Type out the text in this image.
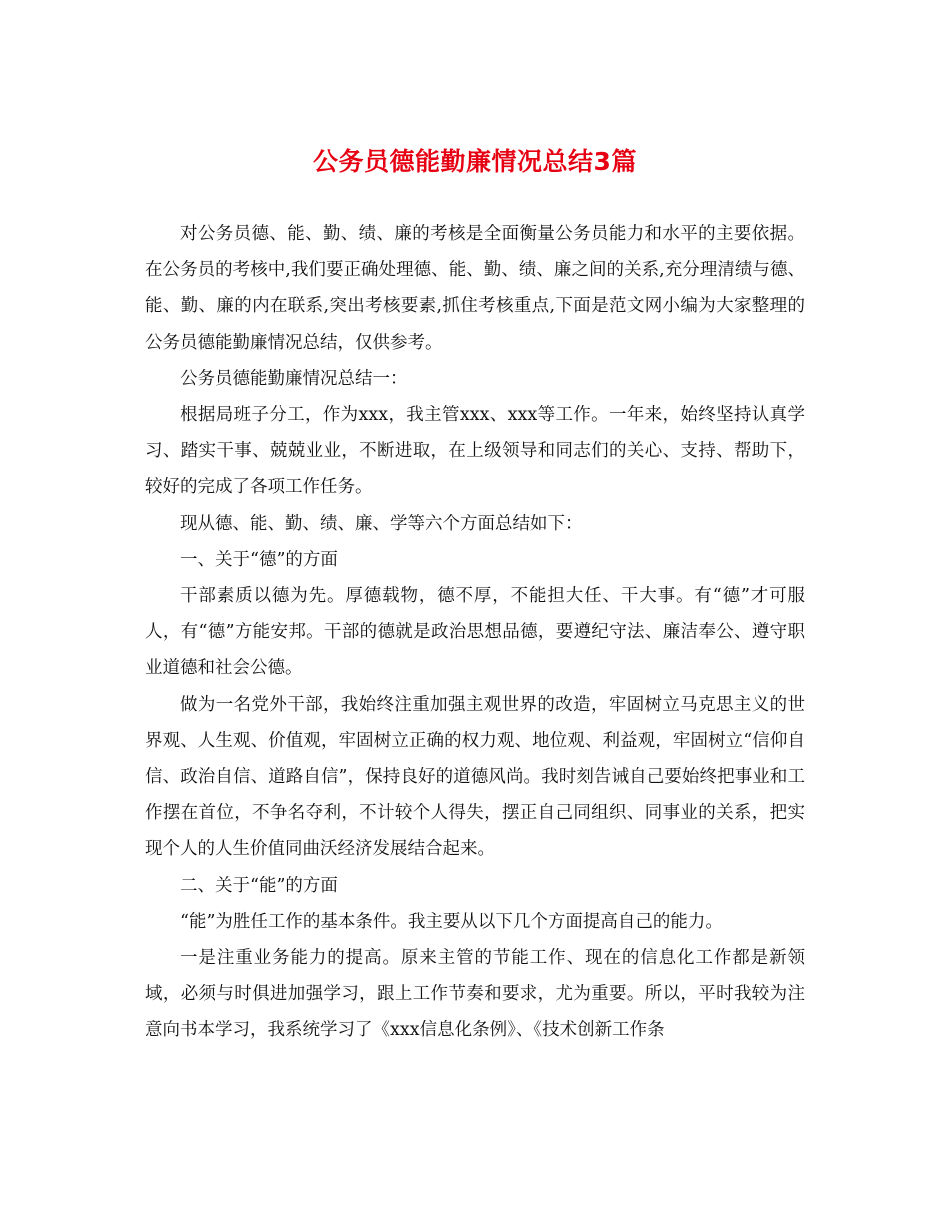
公务员德能勤廉情况总结3篇

对公务员德、能、勤、绩、廉的考核是全面衡量公务员能力和水平的主要依据。在公务员的考核中,我们要正确处理德、能、勤、绩、廉之间的关系,充分理清绩与德、能、勤、廉的内在联系,突出考核要素,抓住考核重点,下面是范文网小编为大家整理的公务员德能勤廉情况总结，仅供参考。

公务员德能勤廉情况总结一：

根据局班子分工，作为xxx，我主管xxx、xxx等工作。一年来，始终坚持认真学习、踏实干事、兢兢业业，不断进取，在上级领导和同志们的关心、支持、帮助下，较好的完成了各项工作任务。

现从德、能、勤、绩、廉、学等六个方面总结如下：

一、关于“德”的方面

干部素质以德为先。厚德载物，德不厚，不能担大任、干大事。有“德”才可服人，有“德”方能安邦。干部的德就是政治思想品德，要遵纪守法、廉洁奉公、遵守职业道德和社会公德。

做为一名党外干部，我始终注重加强主观世界的改造，牢固树立马克思主义的世界观、人生观、价值观，牢固树立正确的权力观、地位观、利益观，牢固树立“信仰自信、政治自信、道路自信”，保持良好的道德风尚。我时刻告诫自己要始终把事业和工作摆在首位，不争名夺利，不计较个人得失，摆正自己同组织、同事业的关系，把实现个人的人生价值同曲沃经济发展结合起来。

二、关于“能”的方面

“能”为胜任工作的基本条件。我主要从以下几个方面提高自己的能力。

一是注重业务能力的提高。原来主管的节能工作、现在的信息化工作都是新领域，必须与时俱进加强学习，跟上工作节奏和要求，尤为重要。所以，平时我较为注意向书本学习，我系统学习了《xxx信息化条例》、《技术创新工作条
